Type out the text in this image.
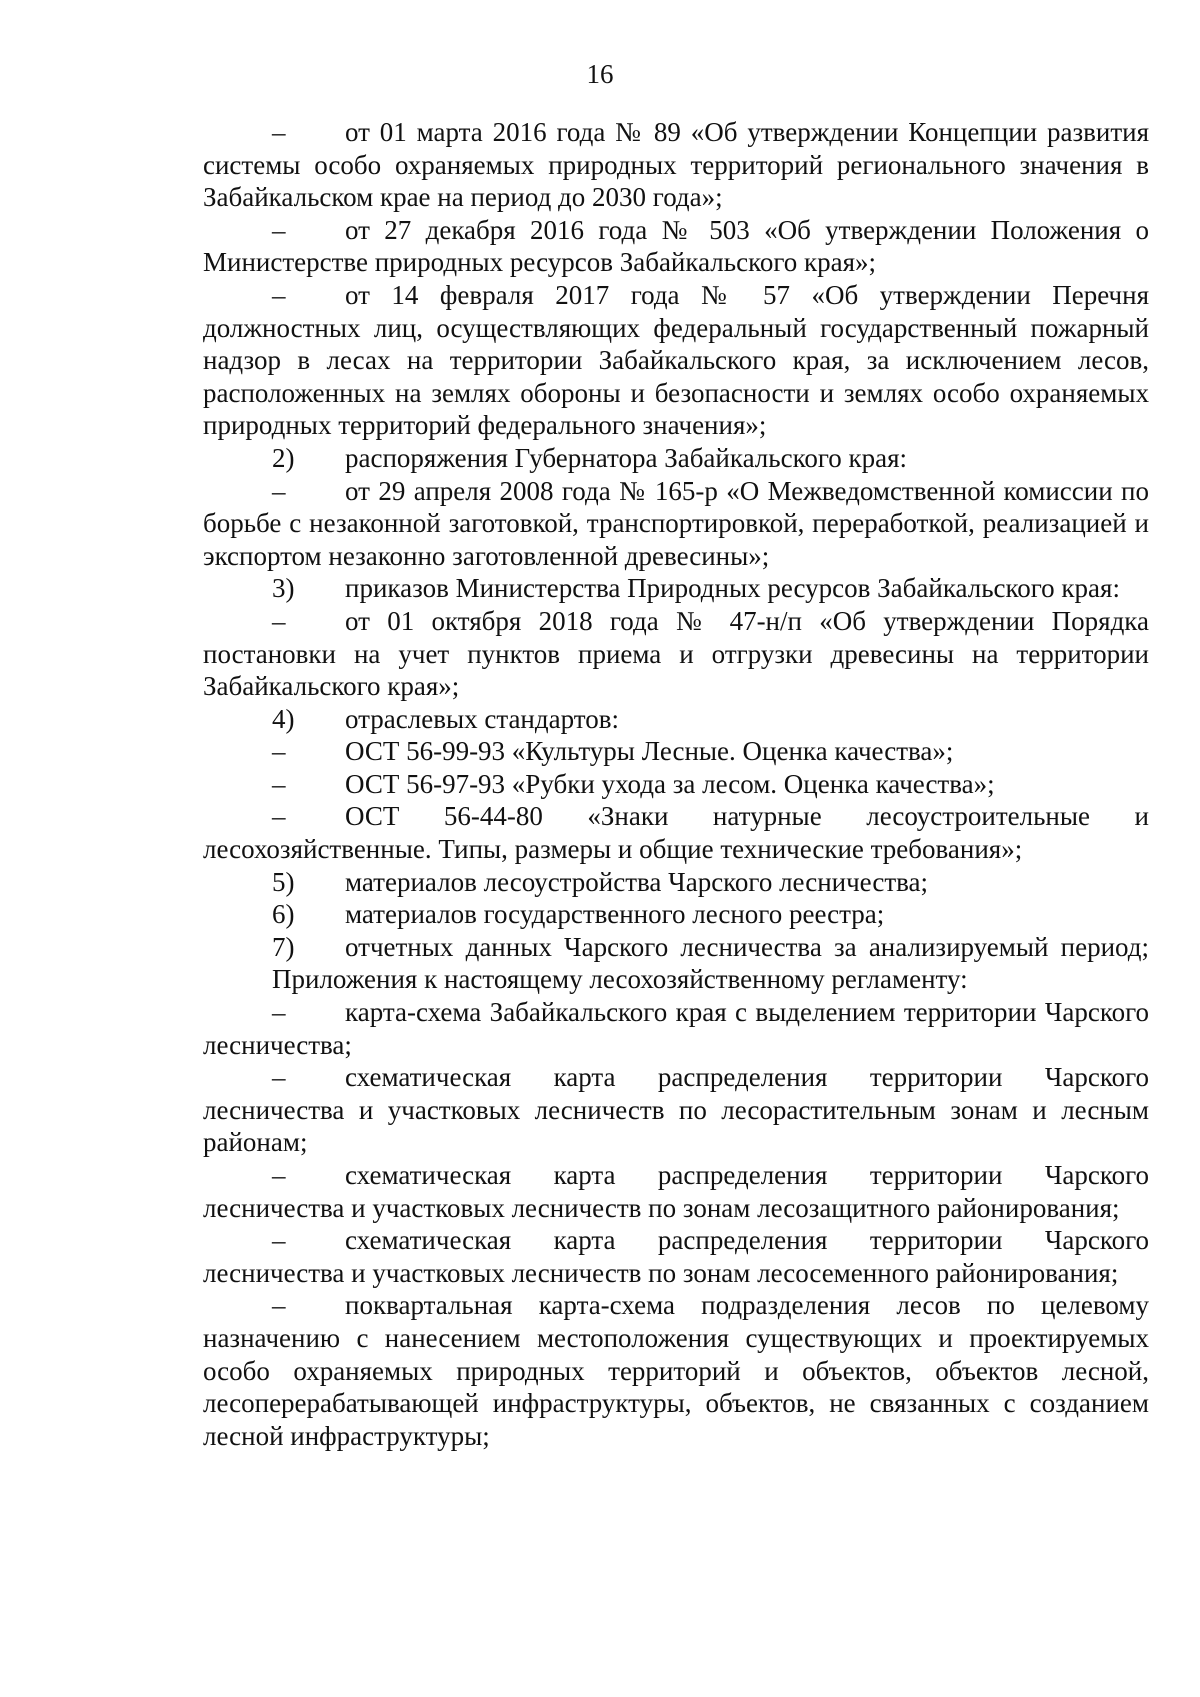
16

– от 01 марта 2016 года № 89 «Об утверждении Концепции развития системы особо охраняемых природных территорий регионального значения в Забайкальском крае на период до 2030 года»;

– от 27 декабря 2016 года № 503 «Об утверждении Положения о Министерстве природных ресурсов Забайкальского края»;

– от 14 февраля 2017 года № 57 «Об утверждении Перечня должностных лиц, осуществляющих федеральный государственный пожарный надзор в лесах на территории Забайкальского края, за исключением лесов, расположенных на землях обороны и безопасности и землях особо охраняемых природных территорий федерального значения»;

2) распоряжения Губернатора Забайкальского края:

– от 29 апреля 2008 года № 165-р «О Межведомственной комиссии по борьбе с незаконной заготовкой, транспортировкой, переработкой, реализацией и экспортом незаконно заготовленной древесины»;

3) приказов Министерства Природных ресурсов Забайкальского края:

– от 01 октября 2018 года № 47-н/п «Об утверждении Порядка постановки на учет пунктов приема и отгрузки древесины на территории Забайкальского края»;

4) отраслевых стандартов:

– ОСТ 56-99-93 «Культуры Лесные. Оценка качества»;

– ОСТ 56-97-93 «Рубки ухода за лесом. Оценка качества»;

– ОСТ 56-44-80 «Знаки натурные лесоустроительные и лесохозяйственные. Типы, размеры и общие технические требования»;

5) материалов лесоустройства Чарского лесничества;

6) материалов государственного лесного реестра;

7) отчетных данных Чарского лесничества за анализируемый период;

Приложения к настоящему лесохозяйственному регламенту:

– карта-схема Забайкальского края с выделением территории Чарского лесничества;

– схематическая карта распределения территории Чарского лесничества и участковых лесничеств по лесорастительным зонам и лесным районам;

– схематическая карта распределения территории Чарского лесничества и участковых лесничеств по зонам лесозащитного районирования;

– схематическая карта распределения территории Чарского лесничества и участковых лесничеств по зонам лесосеменного районирования;

– поквартальная карта-схема подразделения лесов по целевому назначению с нанесением местоположения существующих и проектируемых особо охраняемых природных территорий и объектов, объектов лесной, лесоперерабатывающей инфраструктуры, объектов, не связанных с созданием лесной инфраструктуры;
